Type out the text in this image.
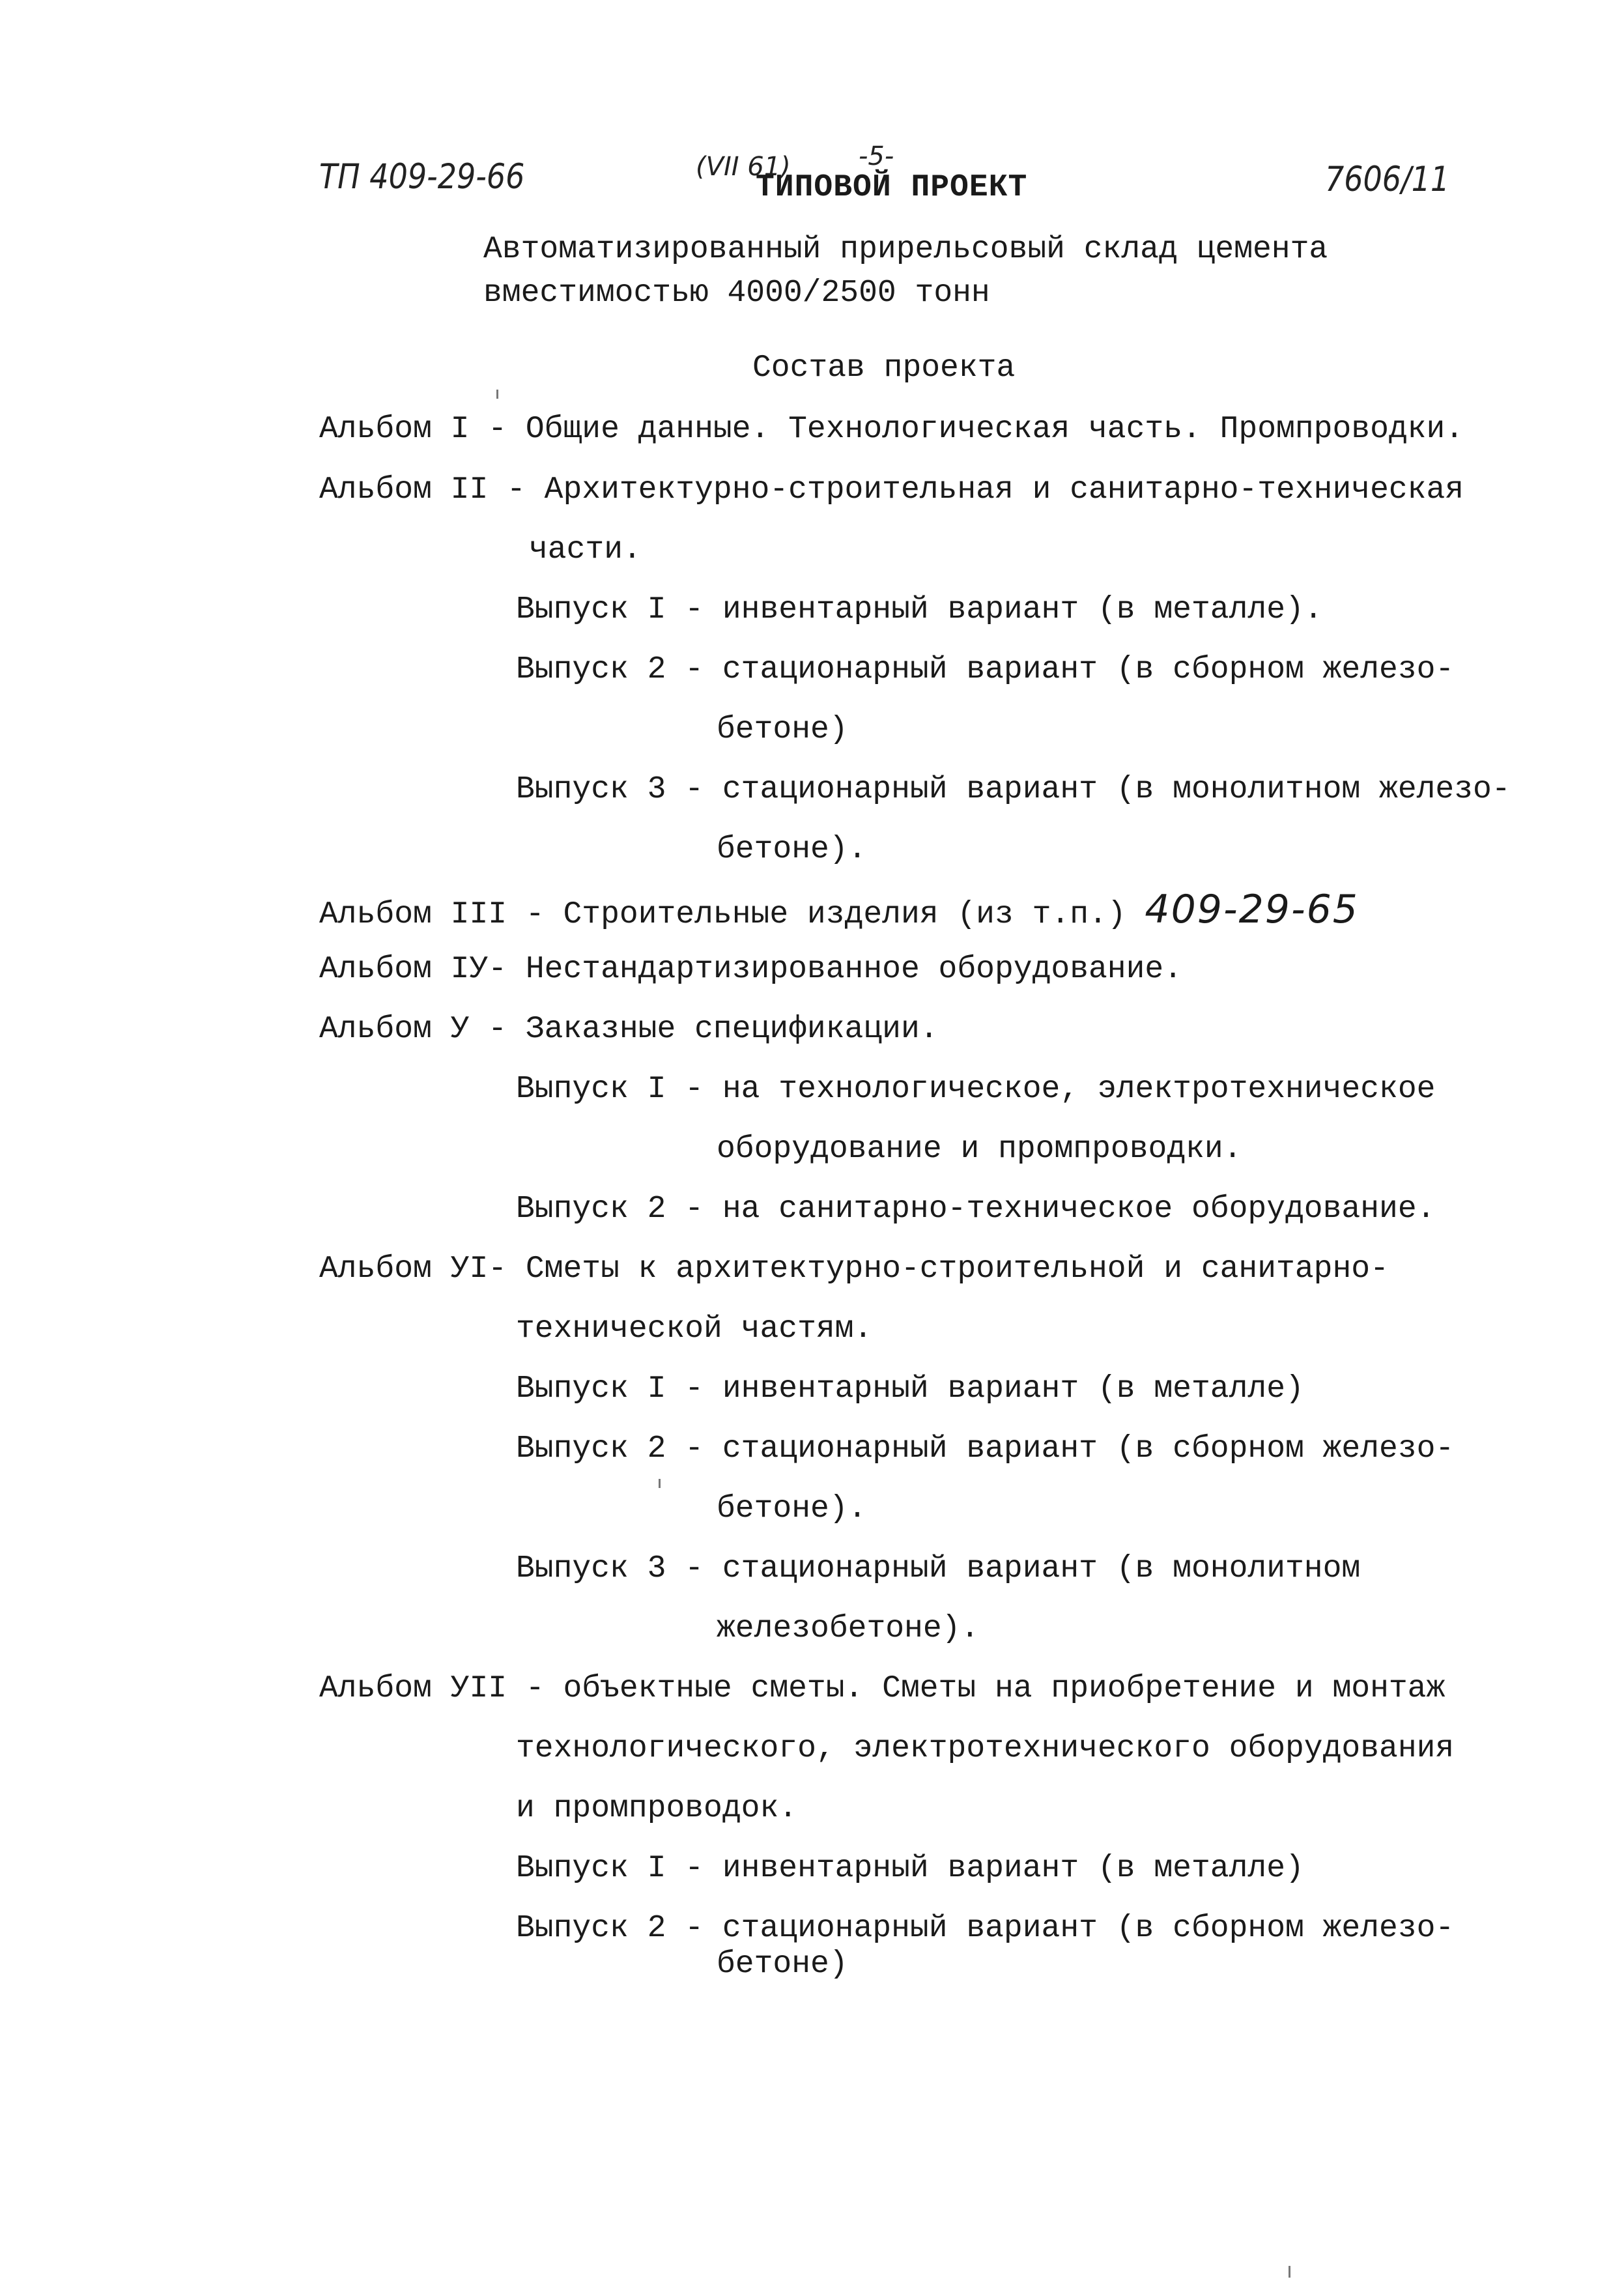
ТП 409-29-66	(VII 61)	-5-
ТИПОВОЙ ПРОЕКТ	7606/11
Автоматизированный прирельсовый склад цемента
вместимостью 4000/2500 тонн
Состав проекта
Альбом I - Общие данные. Технологическая часть. Промпроводки.
Альбом II - Архитектурно-строительная и санитарно-техническая
части.
Выпуск I - инвентарный вариант (в металле).
Выпуск 2 - стационарный вариант (в сборном железо-
бетоне)
Выпуск 3 - стационарный вариант (в монолитном железо-
бетоне).
Альбом III - Строительные изделия (из т.п.) 409-29-65
Альбом IУ- Нестандартизированное оборудование.
Альбом У - Заказные спецификации.
Выпуск I - на технологическое, электротехническое
оборудование и промпроводки.
Выпуск 2 - на санитарно-техническое оборудование.
Альбом УI- Сметы к архитектурно-строительной и санитарно-
технической частям.
Выпуск I - инвентарный вариант (в металле)
Выпуск 2 - стационарный вариант (в сборном железо-
бетоне).
Выпуск 3 - стационарный вариант (в монолитном
железобетоне).
Альбом УII - объектные сметы. Сметы на приобретение и монтаж
технологического, электротехнического оборудования
и промпроводок.
Выпуск I - инвентарный вариант (в металле)
Выпуск 2 - стационарный вариант (в сборном железо-
бетоне)
